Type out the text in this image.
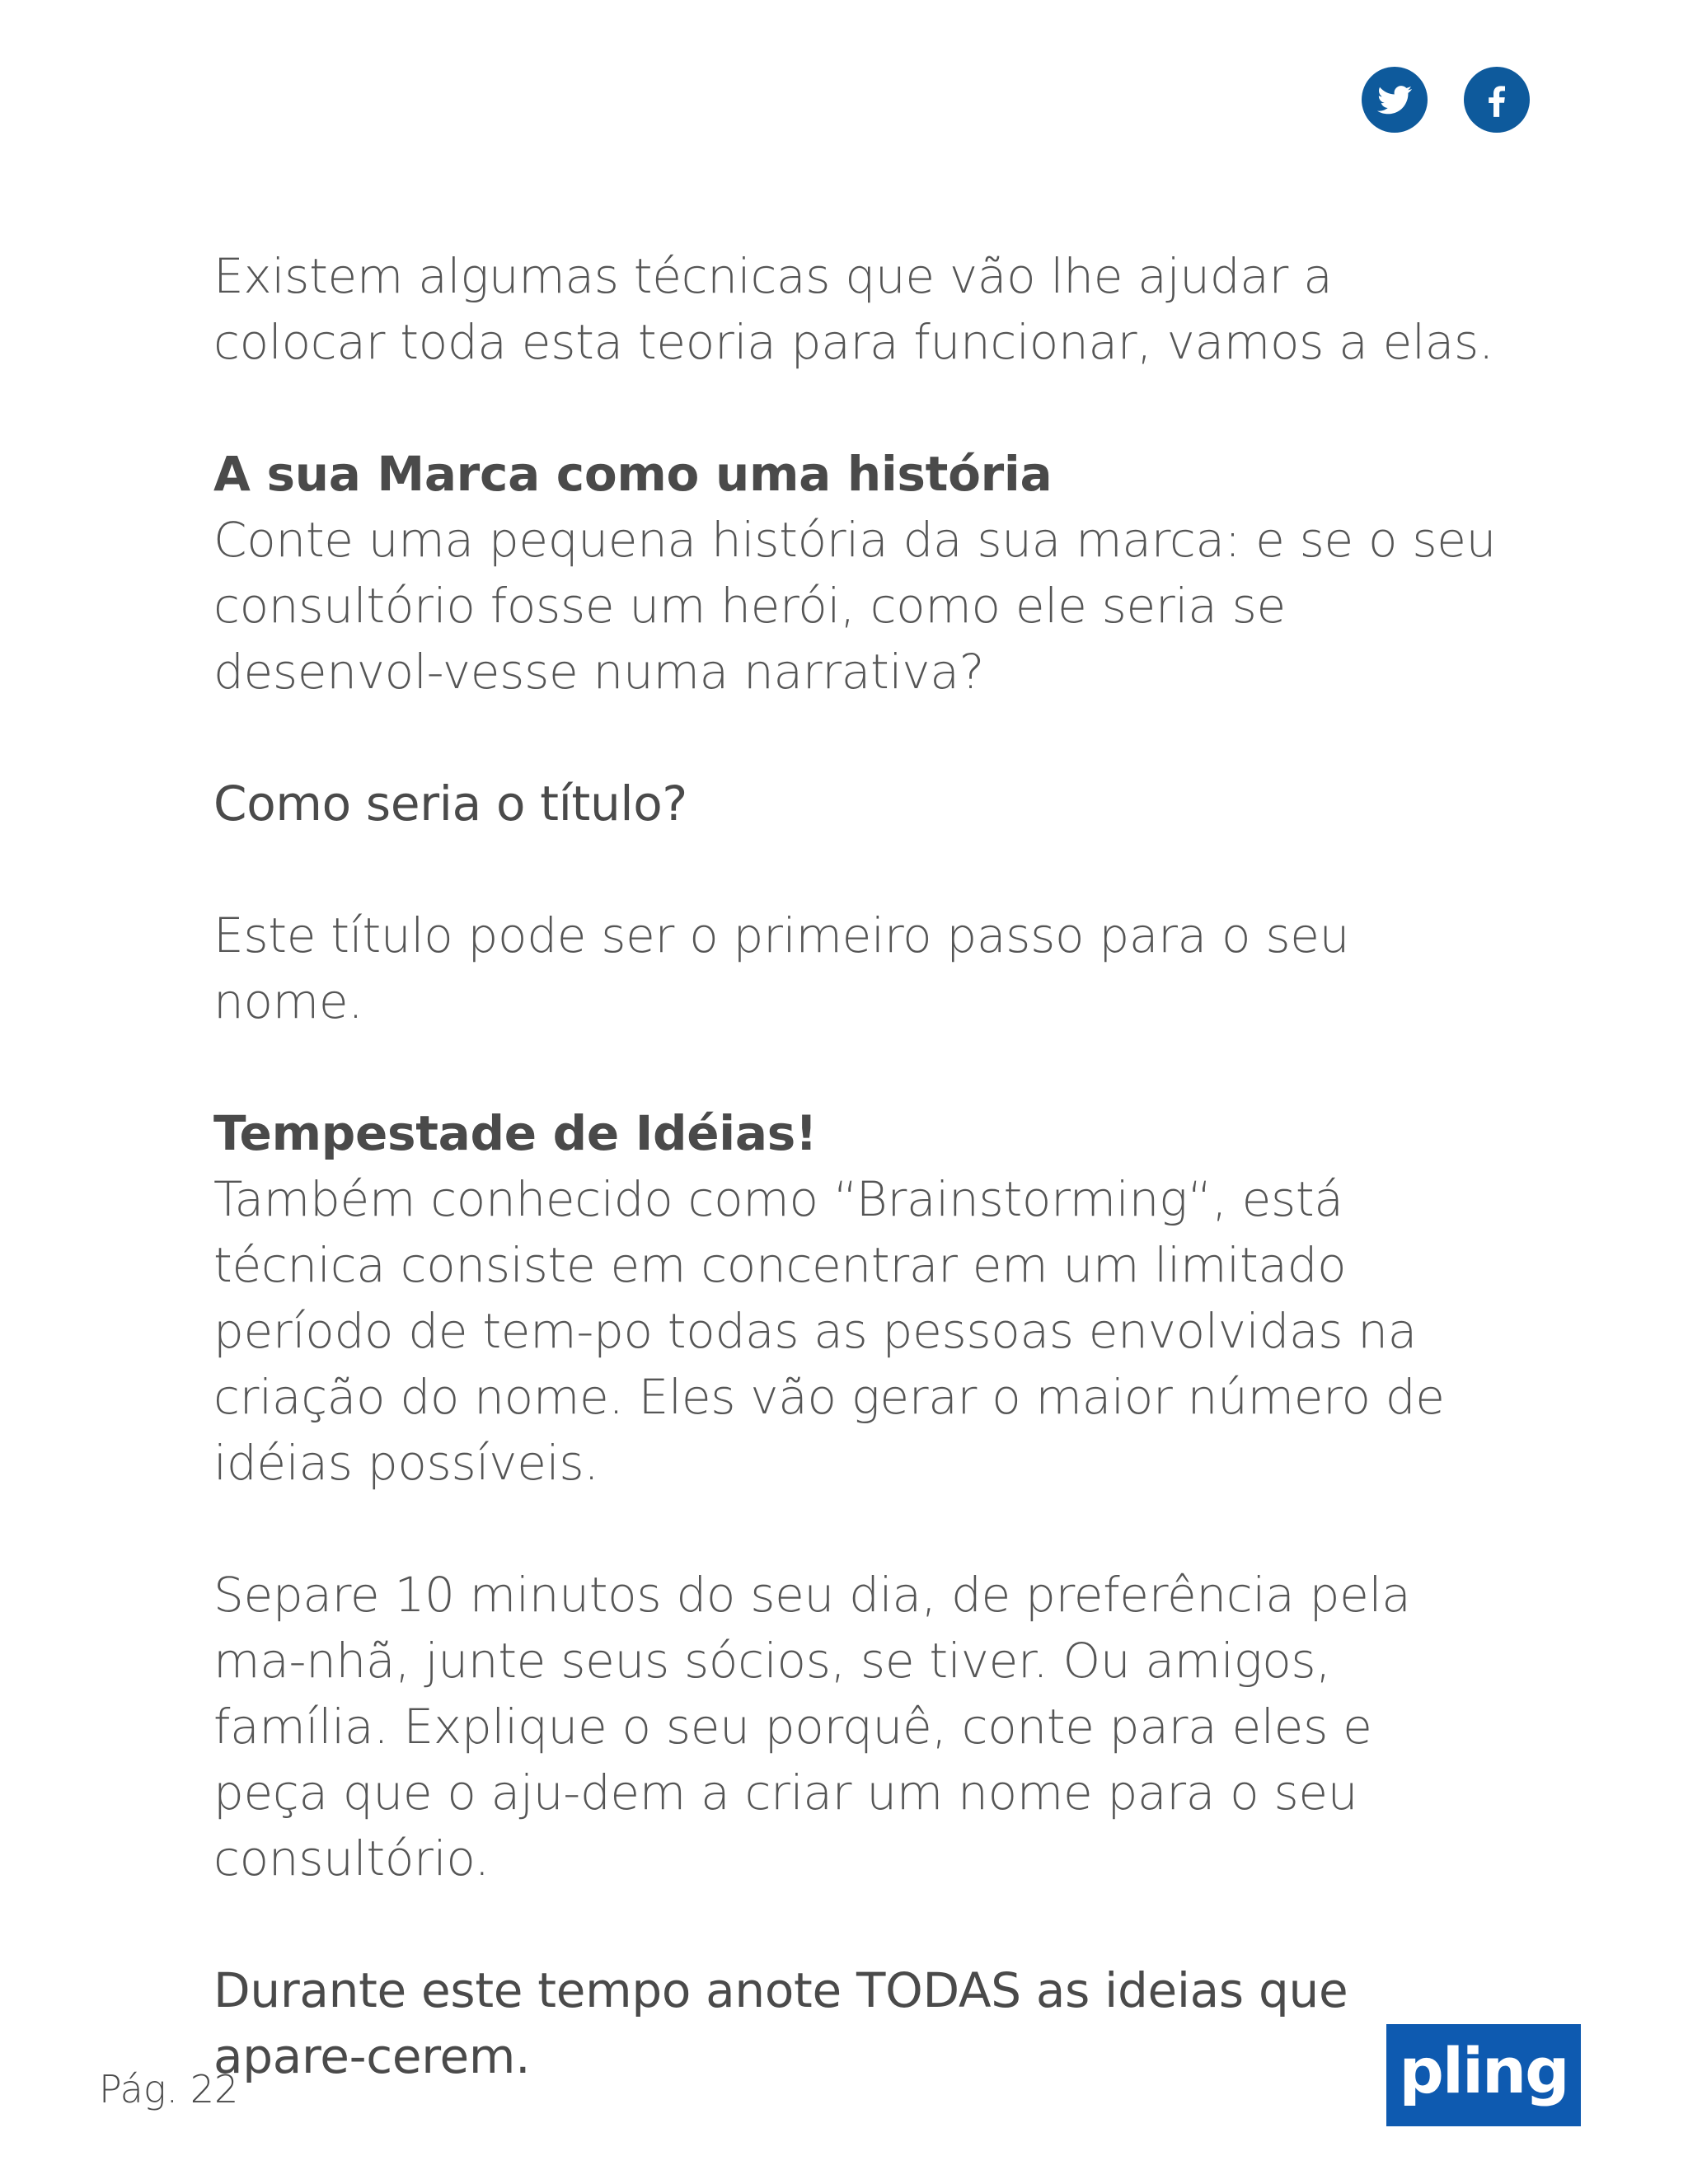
Existem algumas técnicas que vão lhe ajudar a colocar toda esta teoria para funcionar, vamos a elas.

A sua Marca como uma história
Conte uma pequena história da sua marca: e se o seu consultório fosse um herói, como ele seria se desenvol-vesse numa narrativa?

Como seria o título?

Este título pode ser o primeiro passo para o seu nome.

Tempestade de Idéias!
Também conhecido como “Brainstorming“, está técnica consiste em concentrar em um limitado período de tem-po todas as pessoas envolvidas na criação do nome. Eles vão gerar o maior número de idéias possíveis.

Separe 10 minutos do seu dia, de preferência pela ma-nhã, junte seus sócios, se tiver. Ou amigos, família. Explique o seu porquê, conte para eles e peça que o aju-dem a criar um nome para o seu consultório.

Durante este tempo anote TODAS as ideias que apare-cerem.

Pág. 22	pling
